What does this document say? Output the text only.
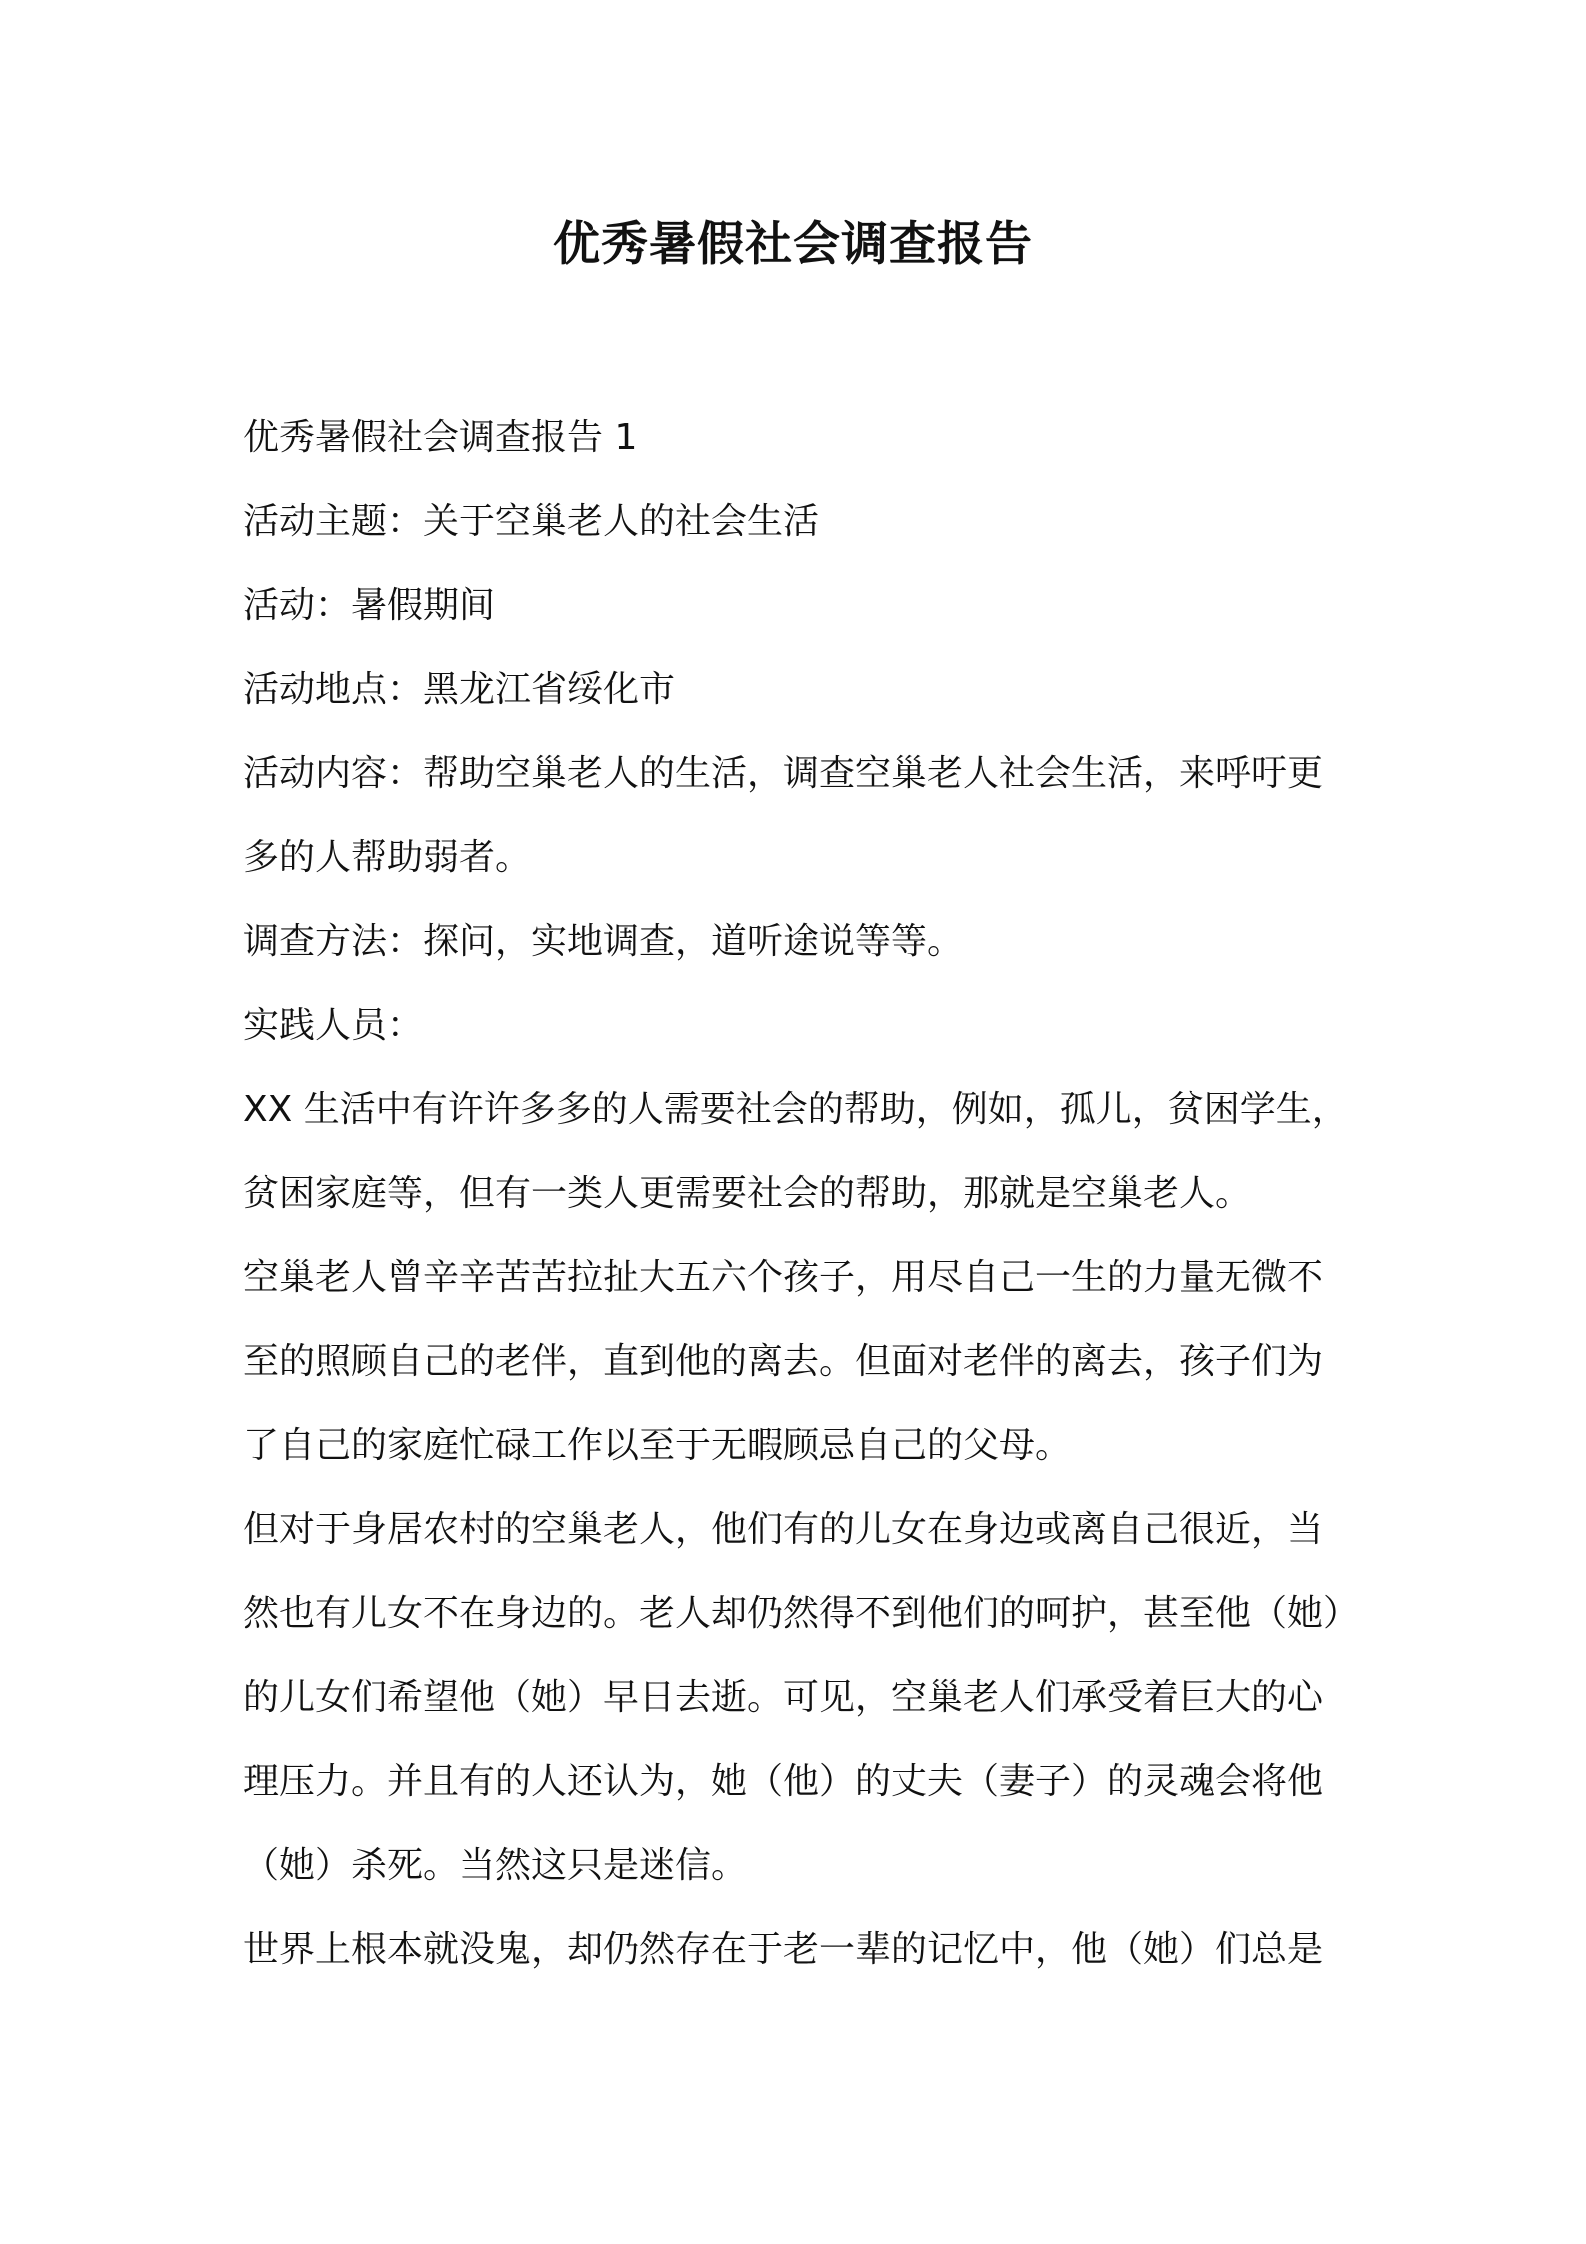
优秀暑假社会调查报告
优秀暑假社会调查报告 1
活动主题：关于空巢老人的社会生活
活动：暑假期间
活动地点：黑龙江省绥化市
活动内容：帮助空巢老人的生活，调查空巢老人社会生活，来呼吁更
多的人帮助弱者。
调查方法：探问，实地调查，道听途说等等。
实践人员：
XX 生活中有许许多多的人需要社会的帮助，例如，孤儿，贫困学生，
贫困家庭等，但有一类人更需要社会的帮助，那就是空巢老人。
空巢老人曾辛辛苦苦拉扯大五六个孩子，用尽自己一生的力量无微不
至的照顾自己的老伴，直到他的离去。但面对老伴的离去，孩子们为
了自己的家庭忙碌工作以至于无暇顾忌自己的父母。
但对于身居农村的空巢老人，他们有的儿女在身边或离自己很近，当
然也有儿女不在身边的。老人却仍然得不到他们的呵护，甚至他（她）
的儿女们希望他（她）早日去逝。可见，空巢老人们承受着巨大的心
理压力。并且有的人还认为，她（他）的丈夫（妻子）的灵魂会将他
（她）杀死。当然这只是迷信。
世界上根本就没鬼，却仍然存在于老一辈的记忆中，他（她）们总是
